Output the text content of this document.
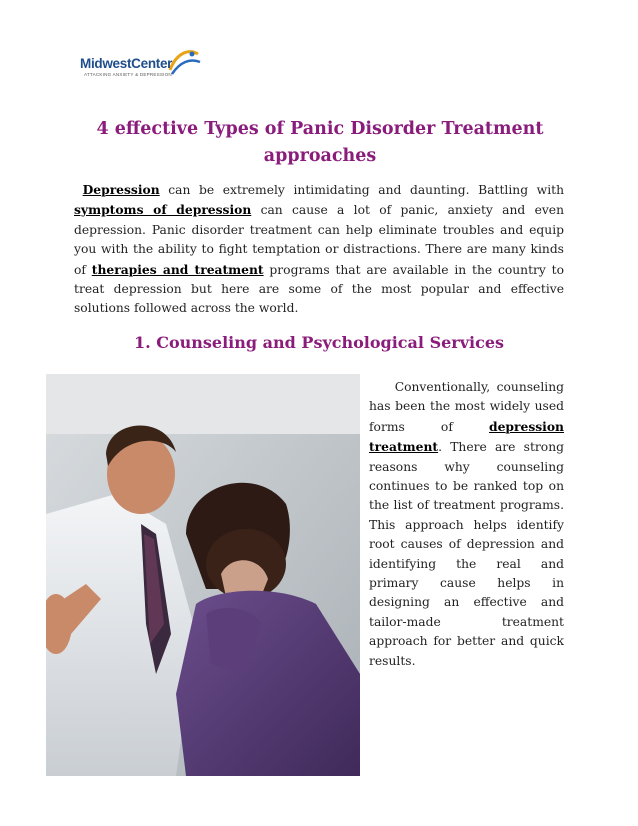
MidwestCenter
ATTACKING ANXIETY & DEPRESSION
4 effective Types of Panic Disorder Treatment approaches

Depression can be extremely intimidating and daunting. Battling with symptoms of depression can cause a lot of panic, anxiety and even depression. Panic disorder treatment can help eliminate troubles and equip you with the ability to fight temptation or distractions. There are many kinds of therapies and treatment programs that are available in the country to treat depression but here are some of the most popular and effective solutions followed across the world.

1. Counseling and Psychological Services

Conventionally, counseling has been the most widely used forms of depression treatment. There are strong reasons why counseling continues to be ranked top on the list of treatment programs. This approach helps identify root causes of depression and identifying the real and primary cause helps in designing an effective and tailor-made treatment approach for better and quick results.
